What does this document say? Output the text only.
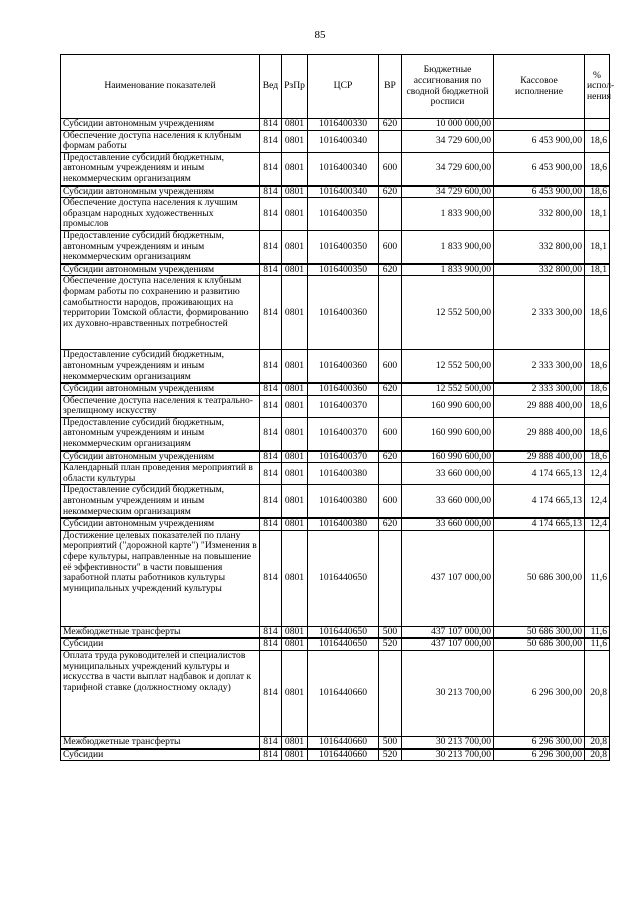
85
Наименование показателей	Вед	РзПр	ЦСР	ВР	Бюджетные ассигнования по сводной бюджетной росписи	Кассовое исполнение	% испол-нения
Субсидии автономным учреждениям	814	0801	1016400330	620	10 000 000,00		
Обеспечение доступа населения к клубным формам работы	814	0801	1016400340		34 729 600,00	6 453 900,00	18,6
Предоставление субсидий бюджетным, автономным учреждениям и иным некоммерческим организациям	814	0801	1016400340	600	34 729 600,00	6 453 900,00	18,6
Субсидии автономным учреждениям	814	0801	1016400340	620	34 729 600,00	6 453 900,00	18,6
Обеспечение доступа населения к лучшим образцам народных художественных промыслов	814	0801	1016400350		1 833 900,00	332 800,00	18,1
Предоставление субсидий бюджетным, автономным учреждениям и иным некоммерческим организациям	814	0801	1016400350	600	1 833 900,00	332 800,00	18,1
Субсидии автономным учреждениям	814	0801	1016400350	620	1 833 900,00	332 800,00	18,1
Обеспечение доступа населения к клубным формам работы по сохранению и развитию самобытности народов, проживающих на территории Томской области, формированию их духовно-нравственных потребностей	814	0801	1016400360		12 552 500,00	2 333 300,00	18,6
Предоставление субсидий бюджетным, автономным учреждениям и иным некоммерческим организациям	814	0801	1016400360	600	12 552 500,00	2 333 300,00	18,6
Субсидии автономным учреждениям	814	0801	1016400360	620	12 552 500,00	2 333 300,00	18,6
Обеспечение доступа населения к театрально-зрелищному искусству	814	0801	1016400370		160 990 600,00	29 888 400,00	18,6
Предоставление субсидий бюджетным, автономным учреждениям и иным некоммерческим организациям	814	0801	1016400370	600	160 990 600,00	29 888 400,00	18,6
Субсидии автономным учреждениям	814	0801	1016400370	620	160 990 600,00	29 888 400,00	18,6
Календарный план проведения мероприятий в области культуры	814	0801	1016400380		33 660 000,00	4 174 665,13	12,4
Предоставление субсидий бюджетным, автономным учреждениям и иным некоммерческим организациям	814	0801	1016400380	600	33 660 000,00	4 174 665,13	12,4
Субсидии автономным учреждениям	814	0801	1016400380	620	33 660 000,00	4 174 665,13	12,4
Достижение целевых показателей по плану мероприятий ("дорожной карте") "Изменения в сфере культуры, направленные на повышение её эффективности" в части повышения заработной платы работников культуры муниципальных учреждений культуры	814	0801	1016440650		437 107 000,00	50 686 300,00	11,6
Межбюджетные трансферты	814	0801	1016440650	500	437 107 000,00	50 686 300,00	11,6
Субсидии	814	0801	1016440650	520	437 107 000,00	50 686 300,00	11,6
Оплата труда руководителей и специалистов муниципальных учреждений культуры и искусства в части выплат надбавок и доплат к тарифной ставке (должностному окладу)	814	0801	1016440660		30 213 700,00	6 296 300,00	20,8
Межбюджетные трансферты	814	0801	1016440660	500	30 213 700,00	6 296 300,00	20,8
Субсидии	814	0801	1016440660	520	30 213 700,00	6 296 300,00	20,8
